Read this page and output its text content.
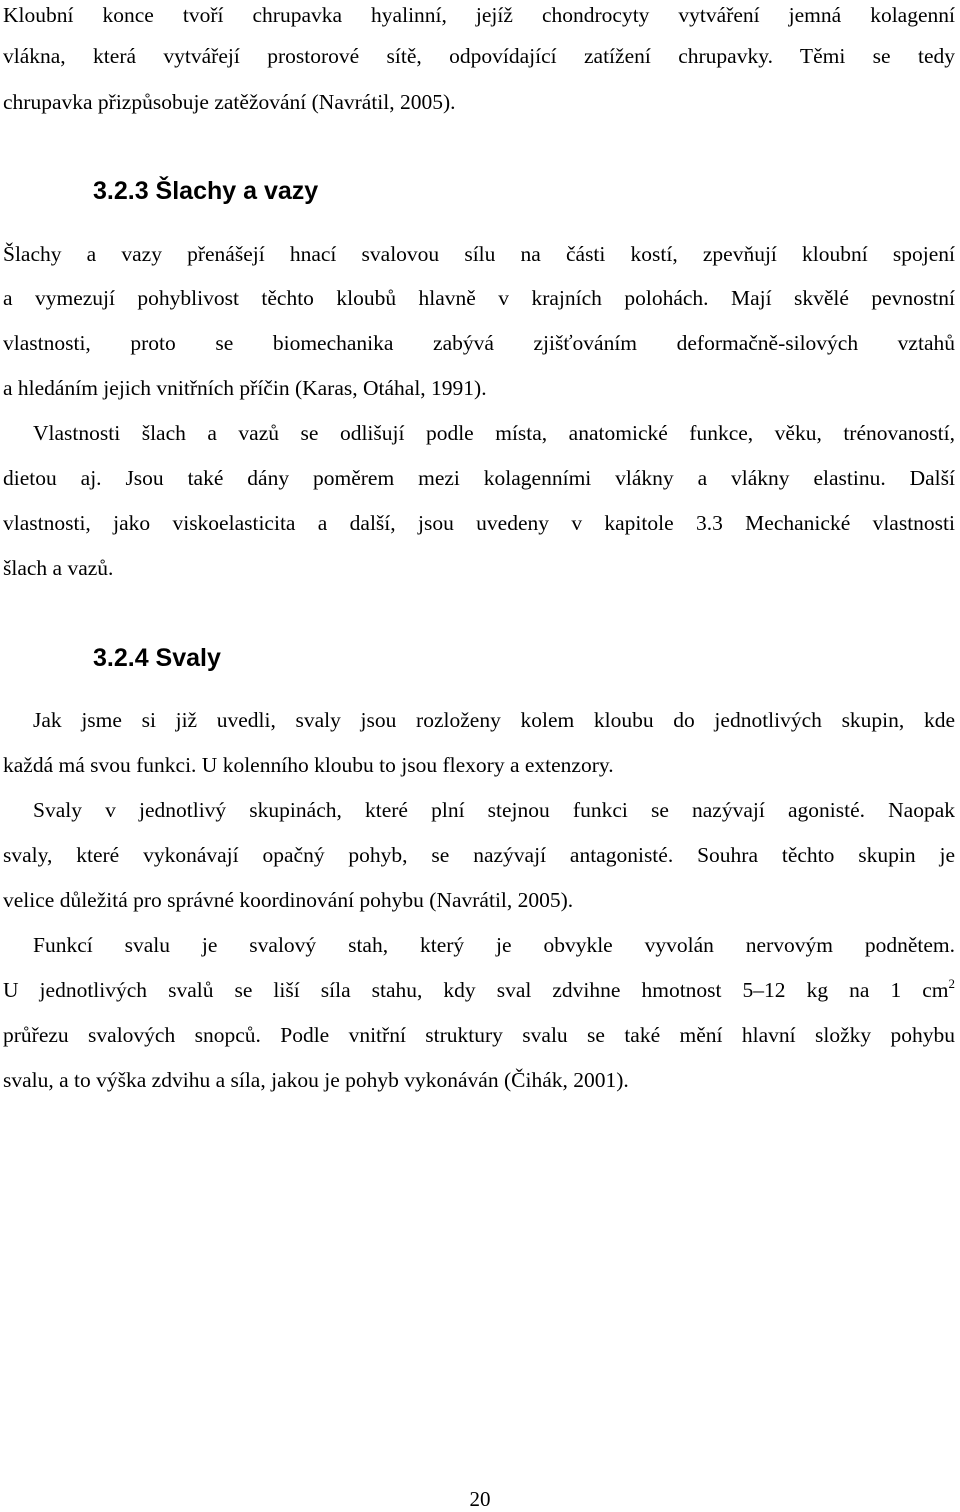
Kloubní konce tvoří chrupavka hyalinní, jejíž chondrocyty vytváření jemná kolagenní
vlákna, která vytvářejí prostorové sítě, odpovídající zatížení chrupavky. Těmi se tedy
chrupavka přizpůsobuje zatěžování (Navrátil, 2005).
3.2.3 Šlachy a vazy
Šlachy a vazy přenášejí hnací svalovou sílu na části kostí, zpevňují kloubní spojení
a vymezují pohyblivost těchto kloubů hlavně v krajních polohách. Mají skvělé pevnostní
vlastnosti, proto se biomechanika zabývá zjišťováním deformačně-silových vztahů
a hledáním jejich vnitřních příčin (Karas, Otáhal, 1991).
Vlastnosti šlach a vazů se odlišují podle místa, anatomické funkce, věku, trénovaností,
dietou aj. Jsou také dány poměrem mezi kolagenními vlákny a vlákny elastinu. Další
vlastnosti, jako viskoelasticita a další, jsou uvedeny v kapitole 3.3 Mechanické vlastnosti
šlach a vazů.
3.2.4 Svaly
Jak jsme si již uvedli, svaly jsou rozloženy kolem kloubu do jednotlivých skupin, kde
každá má svou funkci. U kolenního kloubu to jsou flexory a extenzory.
Svaly v jednotlivý skupinách, které plní stejnou funkci se nazývají agonisté. Naopak
svaly, které vykonávají opačný pohyb, se nazývají antagonisté. Souhra těchto skupin je
velice důležitá pro správné koordinování pohybu (Navrátil, 2005).
Funkcí svalu je svalový stah, který je obvykle vyvolán nervovým podnětem.
U jednotlivých svalů se liší síla stahu, kdy sval zdvihne hmotnost 5–12 kg na 1 $cm^2$
průřezu svalových snopců. Podle vnitřní struktury svalu se také mění hlavní složky pohybu
svalu, a to výška zdvihu a síla, jakou je pohyb vykonáván (Čihák, 2001).
20
